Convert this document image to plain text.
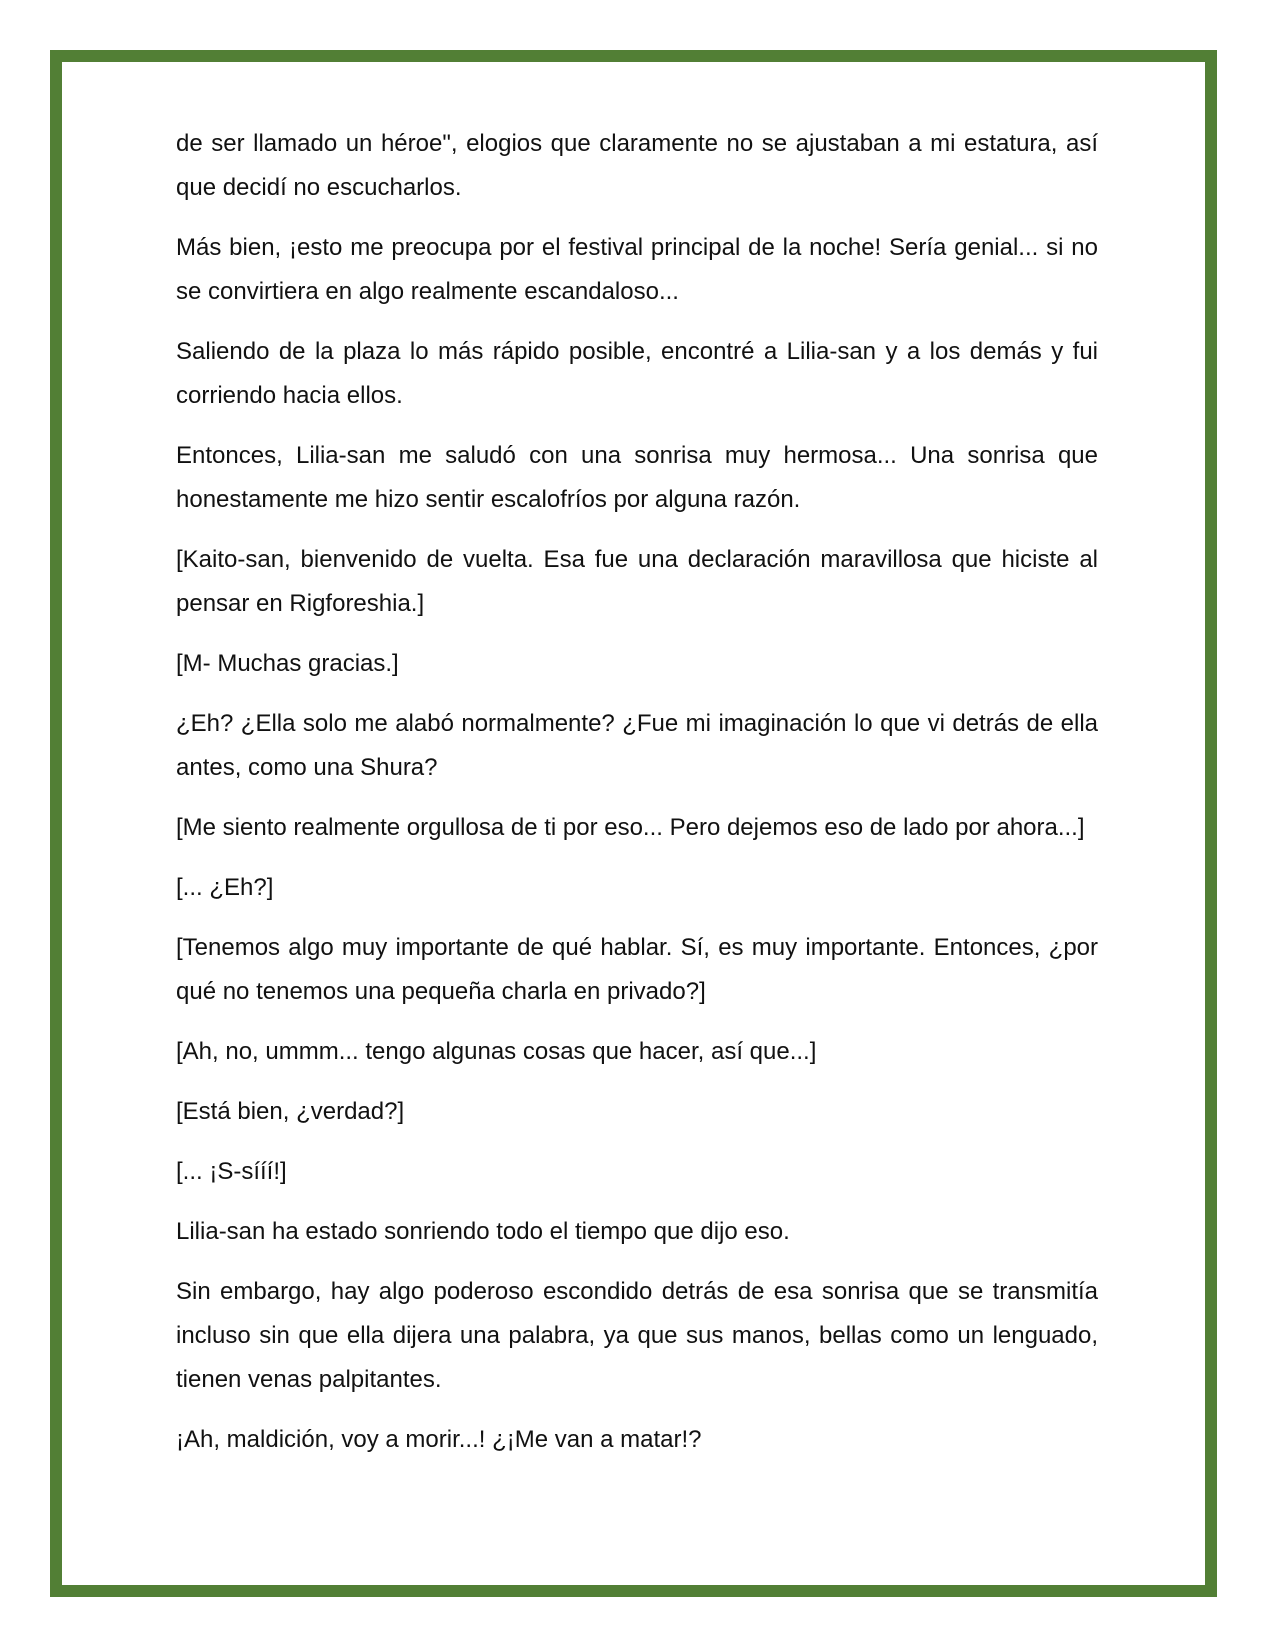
de ser llamado un héroe", elogios que claramente no se ajustaban a mi estatura, así que decidí no escucharlos.

Más bien, ¡esto me preocupa por el festival principal de la noche! Sería genial... si no se convirtiera en algo realmente escandaloso...

Saliendo de la plaza lo más rápido posible, encontré a Lilia-san y a los demás y fui corriendo hacia ellos.

Entonces, Lilia-san me saludó con una sonrisa muy hermosa... Una sonrisa que honestamente me hizo sentir escalofríos por alguna razón.

[Kaito-san, bienvenido de vuelta. Esa fue una declaración maravillosa que hiciste al pensar en Rigforeshia.]

[M- Muchas gracias.]

¿Eh? ¿Ella solo me alabó normalmente? ¿Fue mi imaginación lo que vi detrás de ella antes, como una Shura?

[Me siento realmente orgullosa de ti por eso... Pero dejemos eso de lado por ahora...]

[... ¿Eh?]

[Tenemos algo muy importante de qué hablar. Sí, es muy importante. Entonces, ¿por qué no tenemos una pequeña charla en privado?]

[Ah, no, ummm... tengo algunas cosas que hacer, así que...]

[Está bien, ¿verdad?]

[... ¡S-sííí!]

Lilia-san ha estado sonriendo todo el tiempo que dijo eso.

Sin embargo, hay algo poderoso escondido detrás de esa sonrisa que se transmitía incluso sin que ella dijera una palabra, ya que sus manos, bellas como un lenguado, tienen venas palpitantes.

¡Ah, maldición, voy a morir...! ¿¡Me van a matar!?
